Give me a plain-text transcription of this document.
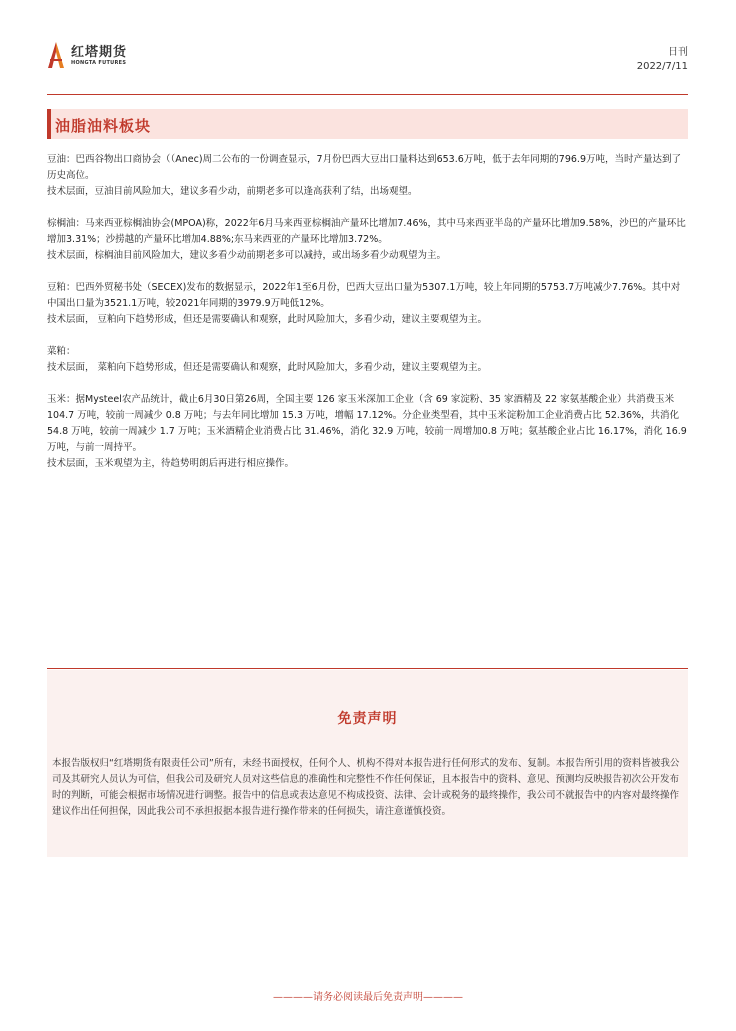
红塔期货
HONGTA FUTURES
日刊
2022/7/11
油脂油料板块

豆油：巴西谷物出口商协会（（Anec)周二公布的一份调查显示，7月份巴西大豆出口量料达到653.6万吨，低于去年同期的796.9万吨，当时产量达到了历史高位。

技术层面，豆油目前风险加大，建议多看少动，前期老多可以逢高获利了结，出场观望。

棕榈油：马来西亚棕榈油协会(MPOA)称，2022年6月马来西亚棕榈油产量环比增加7.46%，其中马来西亚半岛的产量环比增加9.58%，沙巴的产量环比增加3.31%；沙捞越的产量环比增加4.88%;东马来西亚的产量环比增加3.72%。

技术层面，棕榈油目前风险加大，建议多看少动前期老多可以减持，或出场多看少动观望为主。

豆粕：巴西外贸秘书处（SECEX)发布的数据显示，2022年1至6月份，巴西大豆出口量为5307.1万吨，较上年同期的5753.7万吨减少7.76%。其中对中国出口量为3521.1万吨，较2021年同期的3979.9万吨低12%。

技术层面， 豆粕向下趋势形成，但还是需要确认和观察，此时风险加大，多看少动，建议主要观望为主。

菜粕：

技术层面， 菜粕向下趋势形成，但还是需要确认和观察，此时风险加大，多看少动，建议主要观望为主。

玉米：据Mysteel农产品统计，截止6月30日第26周，全国主要 126 家玉米深加工企业（含 69 家淀粉、35 家酒精及 22 家氨基酸企业）共消费玉米 104.7 万吨，较前一周减少 0.8 万吨；与去年同比增加 15.3 万吨，增幅 17.12%。分企业类型看，其中玉米淀粉加工企业消费占比 52.36%，共消化 54.8 万吨，较前一周减少 1.7 万吨；玉米酒精企业消费占比 31.46%，消化 32.9 万吨，较前一周增加0.8 万吨；氨基酸企业占比 16.17%，消化 16.9 万吨，与前一周持平。

技术层面，玉米观望为主，待趋势明朗后再进行相应操作。

免责声明
本报告版权归“红塔期货有限责任公司”所有，未经书面授权，任何个人、机构不得对本报告进行任何形式的发布、复制。本报告所引用的资料皆被我公司及其研究人员认为可信，但我公司及研究人员对这些信息的准确性和完整性不作任何保证，且本报告中的资料、意见、预测均反映报告初次公开发布时的判断，可能会根据市场情况进行调整。报告中的信息或表达意见不构成投资、法律、会计或税务的最终操作，我公司不就报告中的内容对最终操作建议作出任何担保，因此我公司不承担报据本报告进行操作带来的任何损失，请注意谨慎投资。
————请务必阅读最后免责声明————
